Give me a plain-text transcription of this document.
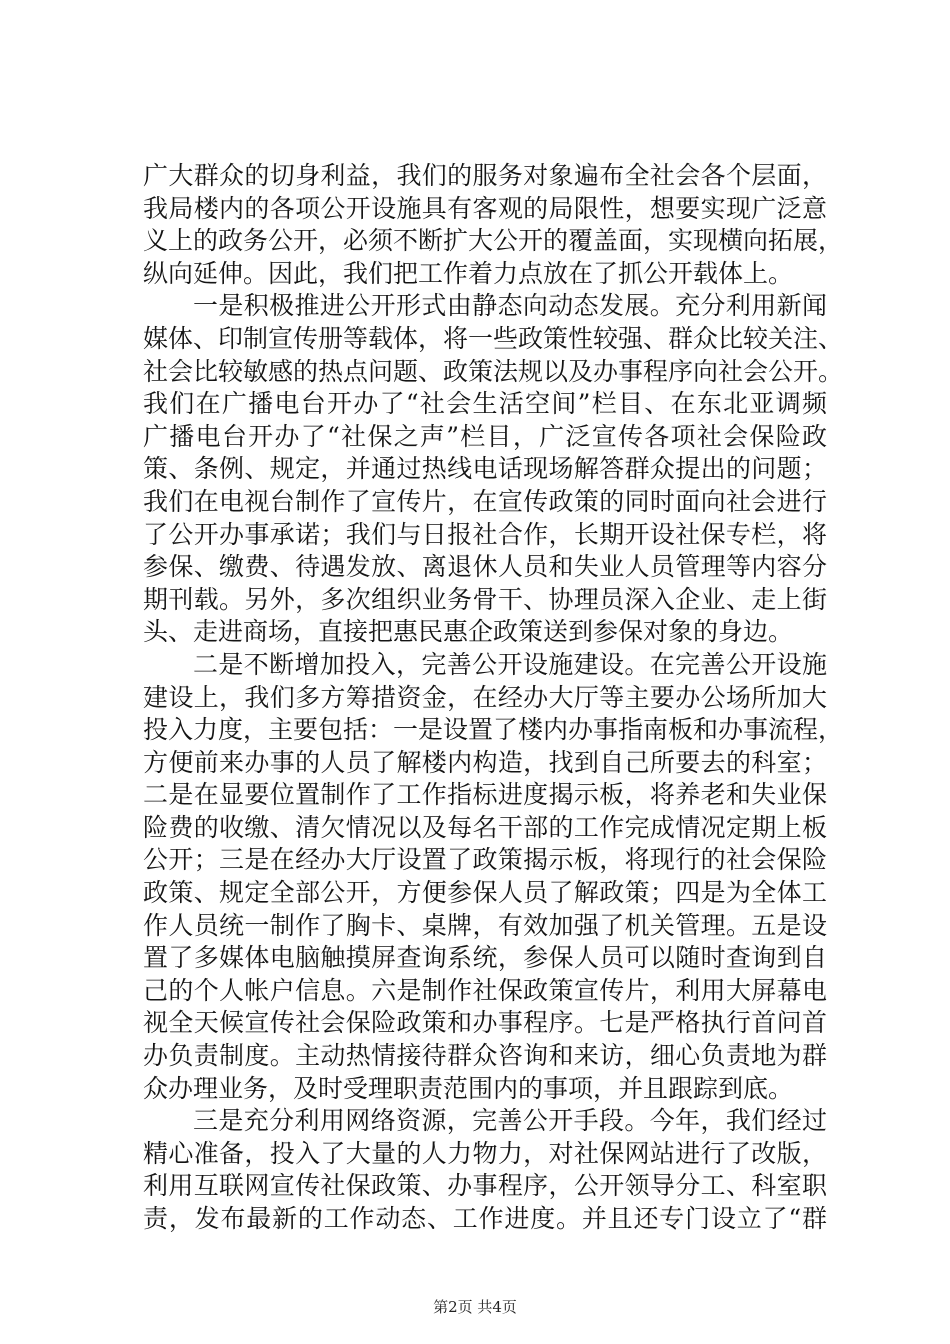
广大群众的切身利益，我们的服务对象遍布全社会各个层面，
我局楼内的各项公开设施具有客观的局限性，想要实现广泛意
义上的政务公开，必须不断扩大公开的覆盖面，实现横向拓展，
纵向延伸。因此，我们把工作着力点放在了抓公开载体上。
一是积极推进公开形式由静态向动态发展。充分利用新闻
媒体、印制宣传册等载体，将一些政策性较强、群众比较关注、
社会比较敏感的热点问题、政策法规以及办事程序向社会公开。
我们在广播电台开办了“社会生活空间”栏目、在东北亚调频
广播电台开办了“社保之声”栏目，广泛宣传各项社会保险政
策、条例、规定，并通过热线电话现场解答群众提出的问题；
我们在电视台制作了宣传片，在宣传政策的同时面向社会进行
了公开办事承诺；我们与日报社合作，长期开设社保专栏，将
参保、缴费、待遇发放、离退休人员和失业人员管理等内容分
期刊载。另外，多次组织业务骨干、协理员深入企业、走上街
头、走进商场，直接把惠民惠企政策送到参保对象的身边。
二是不断增加投入，完善公开设施建设。在完善公开设施
建设上，我们多方筹措资金，在经办大厅等主要办公场所加大
投入力度，主要包括：一是设置了楼内办事指南板和办事流程，
方便前来办事的人员了解楼内构造，找到自己所要去的科室；
二是在显要位置制作了工作指标进度揭示板，将养老和失业保
险费的收缴、清欠情况以及每名干部的工作完成情况定期上板
公开；三是在经办大厅设置了政策揭示板，将现行的社会保险
政策、规定全部公开，方便参保人员了解政策；四是为全体工
作人员统一制作了胸卡、桌牌，有效加强了机关管理。五是设
置了多媒体电脑触摸屏查询系统，参保人员可以随时查询到自
己的个人帐户信息。六是制作社保政策宣传片，利用大屏幕电
视全天候宣传社会保险政策和办事程序。七是严格执行首问首
办负责制度。主动热情接待群众咨询和来访，细心负责地为群
众办理业务，及时受理职责范围内的事项，并且跟踪到底。
三是充分利用网络资源，完善公开手段。今年，我们经过
精心准备，投入了大量的人力物力，对社保网站进行了改版，
利用互联网宣传社保政策、办事程序，公开领导分工、科室职
责，发布最新的工作动态、工作进度。并且还专门设立了“群
第2页 共4页
